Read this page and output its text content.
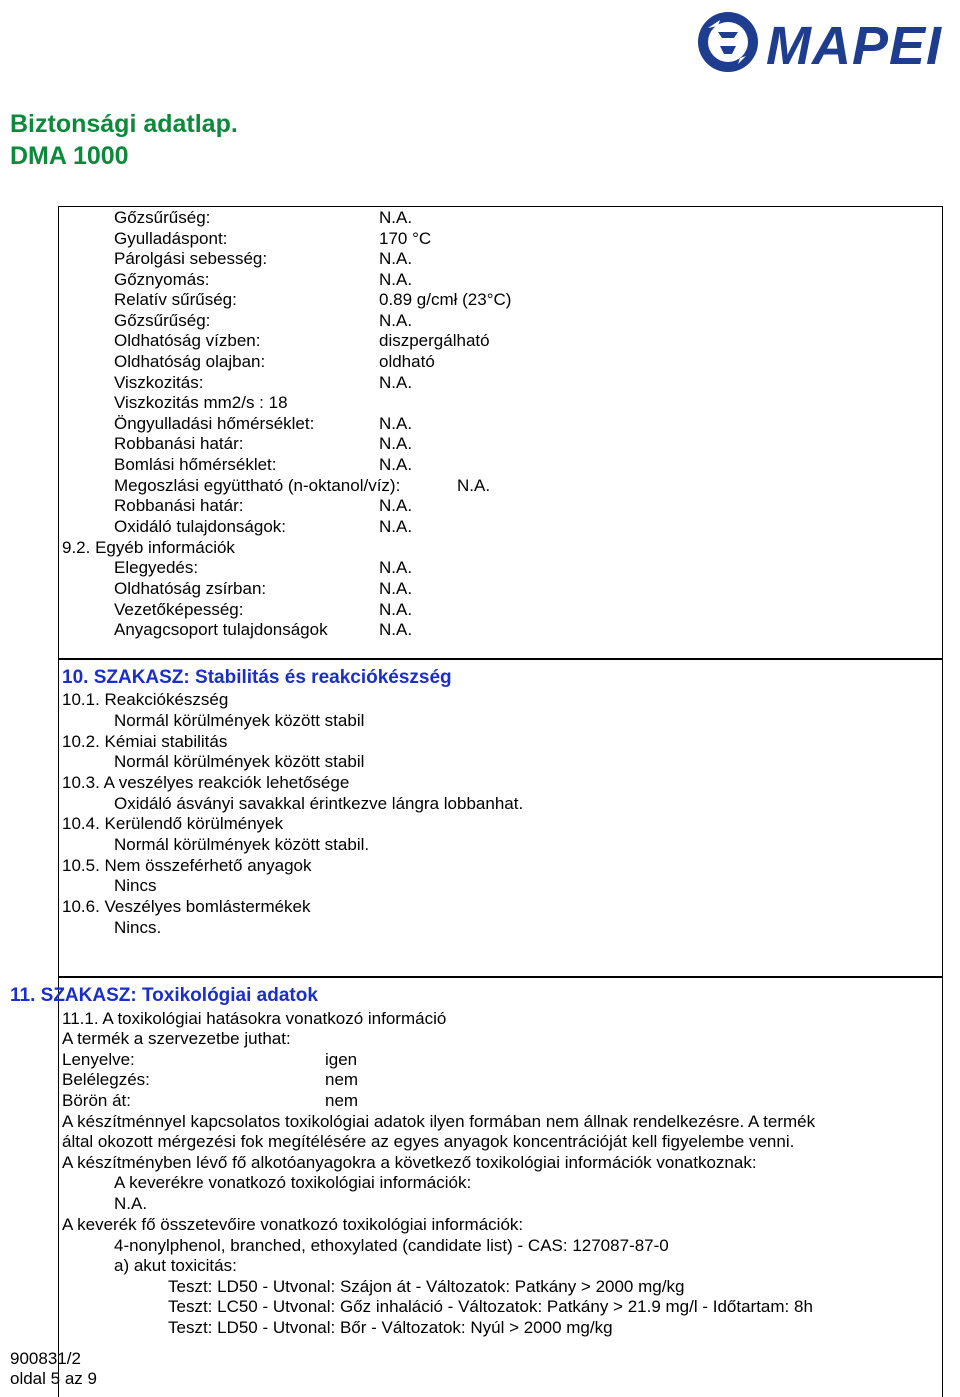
MAPEI
Biztonsági adatlap.
DMA 1000
Gőzsűrűség:	N.A.
Gyulladáspont:	170 °C
Párolgási sebesség:	N.A.
Gőznyomás:	N.A.
Relatív sűrűség:	0.89 g/cmł (23°C)
Gőzsűrűség:	N.A.
Oldhatóság vízben:	diszpergálható
Oldhatóság olajban:	oldható
Viszkozitás:	N.A.
Viszkozitás mm2/s : 18
Öngyulladási hőmérséklet:	N.A.
Robbanási határ:	N.A.
Bomlási hőmérséklet:	N.A.
Megoszlási együttható (n-oktanol/víz):	N.A.
Robbanási határ:	N.A.
Oxidáló tulajdonságok:	N.A.
9.2. Egyéb információk
Elegyedés:	N.A.
Oldhatóság zsírban:	N.A.
Vezetőképesség:	N.A.
Anyagcsoport tulajdonságok	N.A.
10. SZAKASZ: Stabilitás és reakciókészség
10.1. Reakciókészség
Normál körülmények között stabil
10.2. Kémiai stabilitás
Normál körülmények között stabil
10.3. A veszélyes reakciók lehetősége
Oxidáló ásványi savakkal érintkezve lángra lobbanhat.
10.4. Kerülendő körülmények
Normál körülmények között stabil.
10.5. Nem összeférhető anyagok
Nincs
10.6. Veszélyes bomlástermékek
Nincs.
11. SZAKASZ: Toxikológiai adatok
11.1. A toxikológiai hatásokra vonatkozó információ
A termék a szervezetbe juthat:
Lenyelve:	igen
Belélegzés:	nem
Börön át:	nem
A készítménnyel kapcsolatos toxikológiai adatok ilyen formában nem állnak rendelkezésre. A termék
által okozott mérgezési fok megítélésére az egyes anyagok koncentrációját kell figyelembe venni.
A készítményben lévő fő alkotóanyagokra a következő toxikológiai információk vonatkoznak:
A keverékre vonatkozó toxikológiai információk:
N.A.
A keverék fő összetevőire vonatkozó toxikológiai információk:
4-nonylphenol, branched, ethoxylated (candidate list) - CAS: 127087-87-0
a) akut toxicitás:
Teszt: LD50 - Utvonal: Szájon át - Változatok: Patkány > 2000 mg/kg
Teszt: LC50 - Utvonal: Gőz inhaláció - Változatok: Patkány > 21.9 mg/l - Időtartam: 8h
Teszt: LD50 - Utvonal: Bőr - Változatok: Nyúl > 2000 mg/kg
900831/2
oldal 5 az 9
